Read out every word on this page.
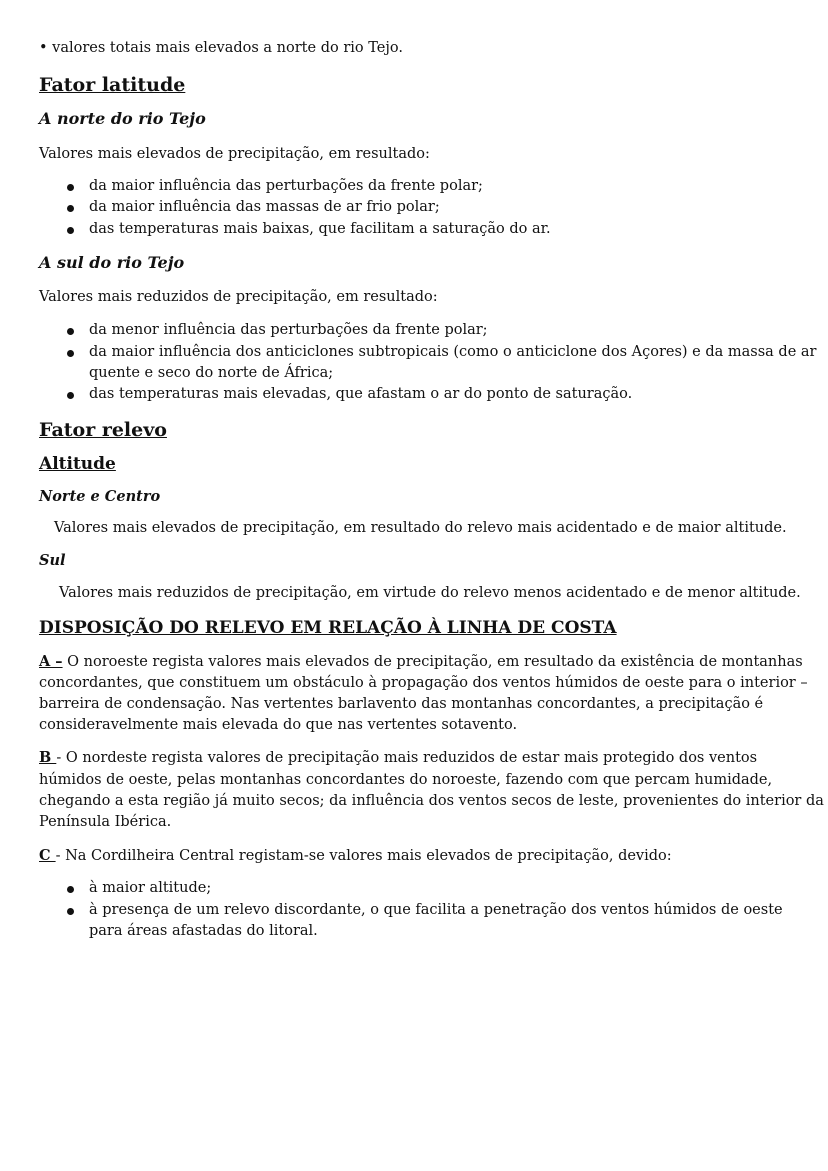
• valores totais mais elevados a norte do rio Tejo.

Fator latitude
A norte do rio Tejo

Valores mais elevados de precipitação, em resultado:

da maior influência das perturbações da frente polar;

da maior influência das massas de ar frio polar;

das temperaturas mais baixas, que facilitam a saturação do ar.

A sul do rio Tejo

Valores mais reduzidos de precipitação, em resultado:

da menor influência das perturbações da frente polar;

da maior influência dos anticiclones subtropicais (como o anticiclone dos Açores) e da massa de ar

quente e seco do norte de África;

das temperaturas mais elevadas, que afastam o ar do ponto de saturação.

Fator relevo
Altitude
Norte e Centro

Valores mais elevados de precipitação, em resultado do relevo mais acidentado e de maior altitude.

Sul

Valores mais reduzidos de precipitação, em virtude do relevo menos acidentado e de menor altitude.

DISPOSIÇÃO DO RELEVO EM RELAÇÃO À LINHA DE COSTA

A – O noroeste regista valores mais elevados de precipitação, em resultado da existência de montanhas

concordantes, que constituem um obstáculo à propagação dos ventos húmidos de oeste para o interior –

barreira de condensação. Nas vertentes barlavento das montanhas concordantes, a precipitação é

consideravelmente mais elevada do que nas vertentes sotavento.

B - O nordeste regista valores de precipitação mais reduzidos de estar mais protegido dos ventos

húmidos de oeste, pelas montanhas concordantes do noroeste, fazendo com que percam humidade,

chegando a esta região já muito secos; da influência dos ventos secos de leste, provenientes do interior da

Península Ibérica.

C - Na Cordilheira Central registam-se valores mais elevados de precipitação, devido:

à maior altitude;

à presença de um relevo discordante, o que facilita a penetração dos ventos húmidos de oeste

para áreas afastadas do litoral.
